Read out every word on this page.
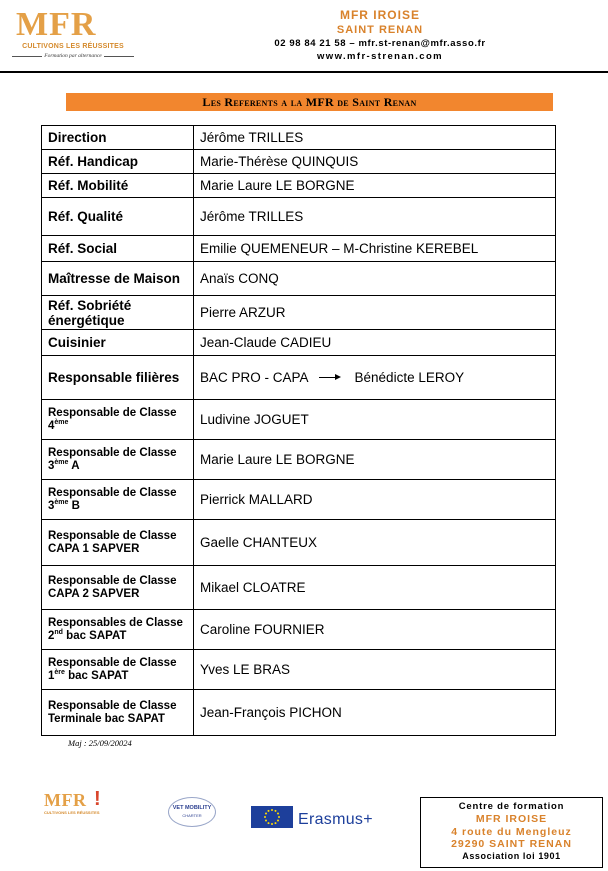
MFR
CULTIVONS LES RÉUSSITES
Formation par alternance
MFR IROISE
SAINT RENAN
02 98 84 21 58 – mfr.st-renan@mfr.asso.fr
www.mfr-strenan.com
Les Referents a la MFR de Saint Renan
Direction	Jérôme TRILLES
Réf. Handicap	Marie-Thérèse QUINQUIS
Réf. Mobilité	Marie Laure LE BORGNE
Réf. Qualité	Jérôme TRILLES
Réf. Social	Emilie QUEMENEUR – M-Christine KEREBEL
Maîtresse de Maison	Anaïs CONQ
Réf. Sobriété énergétique	Pierre ARZUR
Cuisinier	Jean-Claude CADIEU
Responsable filières	BAC PRO - CAPA Bénédicte LEROY
Responsable de Classe 4ème	Ludivine JOGUET
Responsable de Classe 3ème A	Marie Laure LE BORGNE
Responsable de Classe 3ème B	Pierrick MALLARD
Responsable de Classe CAPA 1 SAPVER	Gaelle CHANTEUX
Responsable de Classe CAPA 2 SAPVER	Mikael CLOATRE
Responsables de Classe 2nd bac SAPAT	Caroline FOURNIER
Responsable de Classe 1ère bac SAPAT	Yves LE BRAS
Responsable de Classe Terminale bac SAPAT	Jean-François PICHON
Maj : 25/09/20024
MFR !
CULTIVONS LES RÉUSSITES
VET MOBILITY
CHARTER	Erasmus+
Centre de formation
MFR IROISE
4 route du Mengleuz
29290 SAINT RENAN
Association loi 1901
